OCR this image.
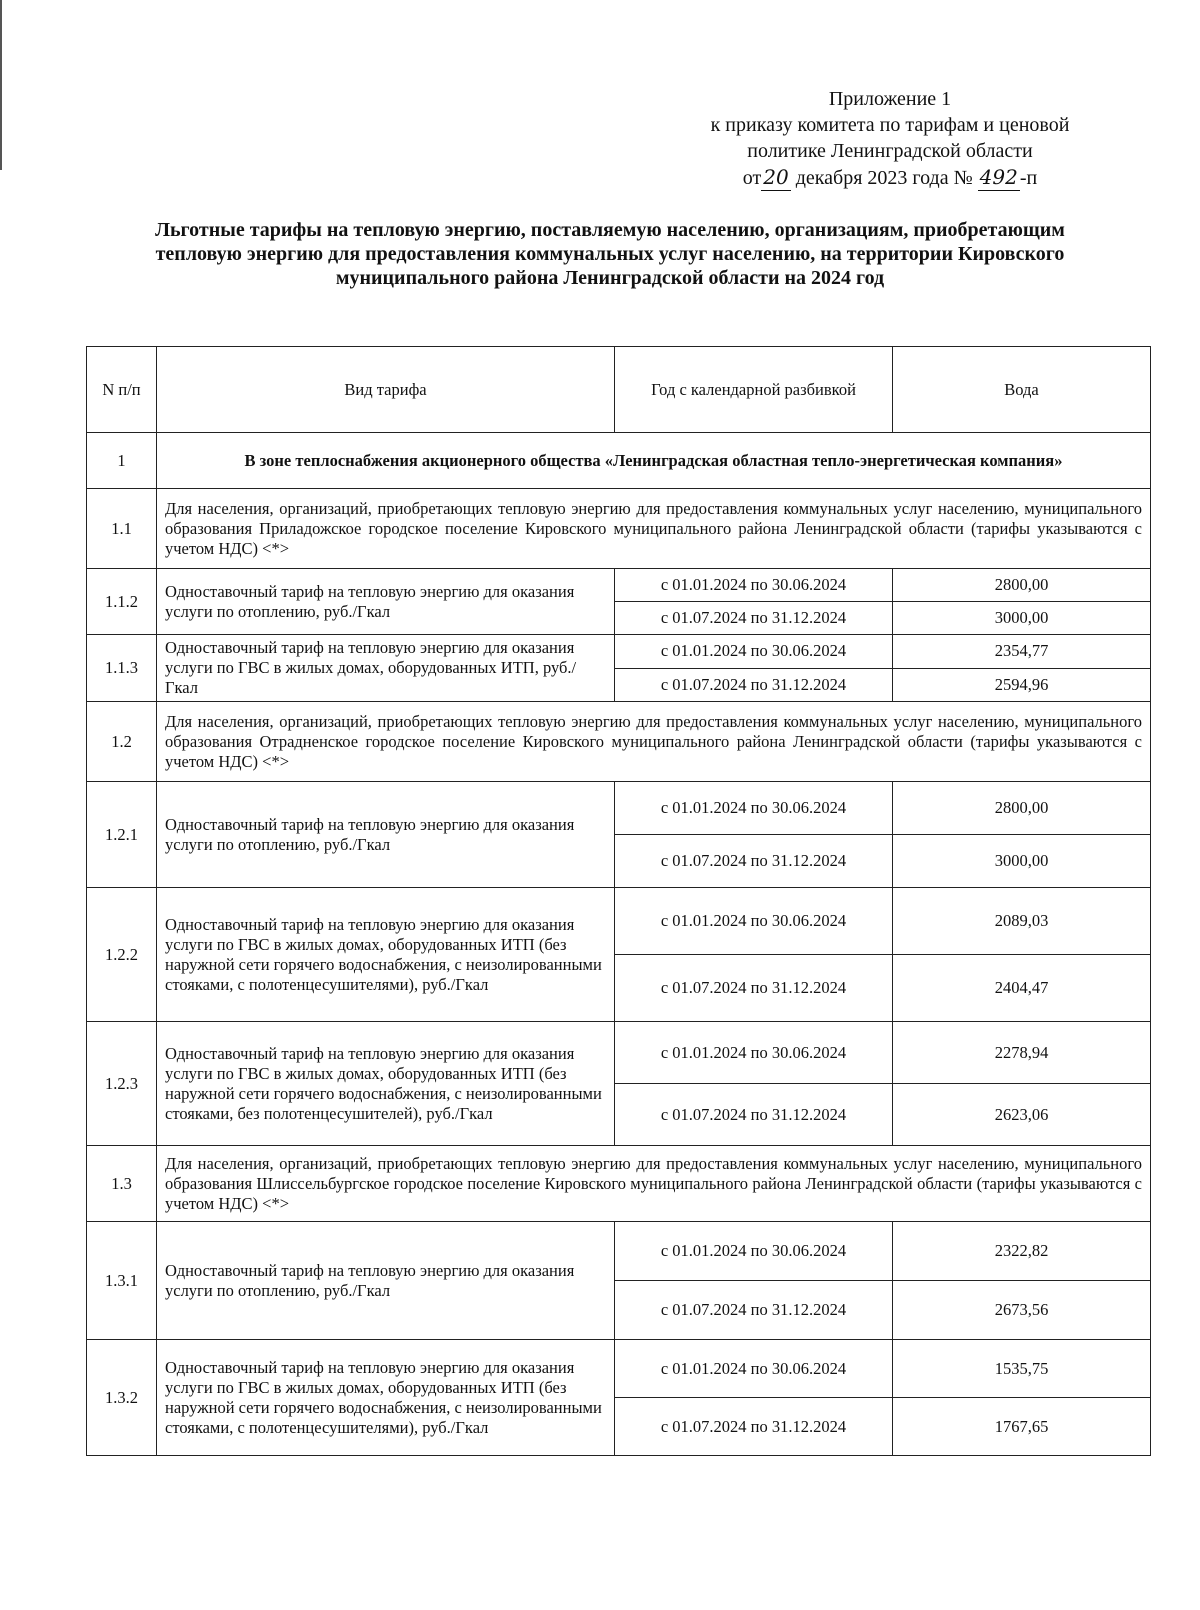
Приложение 1
к приказу комитета по тарифам и ценовой
политике Ленинградской области
от 20 декабря 2023 года № 492 -п
Льготные тарифы на тепловую энергию, поставляемую населению, организациям, приобретающим тепловую энергию для предоставления коммунальных услуг населению, на территории Кировского муниципального района Ленинградской области на 2024 год
N п/п	Вид тарифа	Год с календарной разбивкой	Вода
1	В зоне теплоснабжения акционерного общества «Ленинградская областная тепло-энергетическая компания»		
1.1	Для населения, организаций, приобретающих тепловую энергию для предоставления коммунальных услуг населению, муниципального образования Приладожское городское поселение Кировского муниципального района Ленинградской области (тарифы указываются с учетом НДС) <*>		
1.1.2	Одноставочный тариф на тепловую энергию для оказания услуги по отоплению, руб./Гкал	с 01.01.2024 по 30.06.2024	2800,00
		с 01.07.2024 по 31.12.2024	3000,00
1.1.3	Одноставочный тариф на тепловую энергию для оказания услуги по ГВС в жилых домах, оборудованных ИТП, руб./Гкал	с 01.01.2024 по 30.06.2024	2354,77
		с 01.07.2024 по 31.12.2024	2594,96
1.2	Для населения, организаций, приобретающих тепловую энергию для предоставления коммунальных услуг населению, муниципального образования Отрадненское городское поселение Кировского муниципального района Ленинградской области (тарифы указываются с учетом НДС) <*>		
1.2.1	Одноставочный тариф на тепловую энергию для оказания услуги по отоплению, руб./Гкал	с 01.01.2024 по 30.06.2024	2800,00
		с 01.07.2024 по 31.12.2024	3000,00
1.2.2	Одноставочный тариф на тепловую энергию для оказания услуги по ГВС в жилых домах, оборудованных ИТП (без наружной сети горячего водоснабжения, с неизолированными стояками, с полотенцесушителями), руб./Гкал	с 01.01.2024 по 30.06.2024	2089,03
		с 01.07.2024 по 31.12.2024	2404,47
1.2.3	Одноставочный тариф на тепловую энергию для оказания услуги по ГВС в жилых домах, оборудованных ИТП (без наружной сети горячего водоснабжения, с неизолированными стояками, без полотенцесушителей), руб./Гкал	с 01.01.2024 по 30.06.2024	2278,94
		с 01.07.2024 по 31.12.2024	2623,06
1.3	Для населения, организаций, приобретающих тепловую энергию для предоставления коммунальных услуг населению, муниципального образования Шлиссельбургское городское поселение Кировского муниципального района Ленинградской области (тарифы указываются с учетом НДС) <*>		
1.3.1	Одноставочный тариф на тепловую энергию для оказания услуги по отоплению, руб./Гкал	с 01.01.2024 по 30.06.2024	2322,82
		с 01.07.2024 по 31.12.2024	2673,56
1.3.2	Одноставочный тариф на тепловую энергию для оказания услуги по ГВС в жилых домах, оборудованных ИТП (без наружной сети горячего водоснабжения, с неизолированными стояками, с полотенцесушителями), руб./Гкал	с 01.01.2024 по 30.06.2024	1535,75
		с 01.07.2024 по 31.12.2024	1767,65
